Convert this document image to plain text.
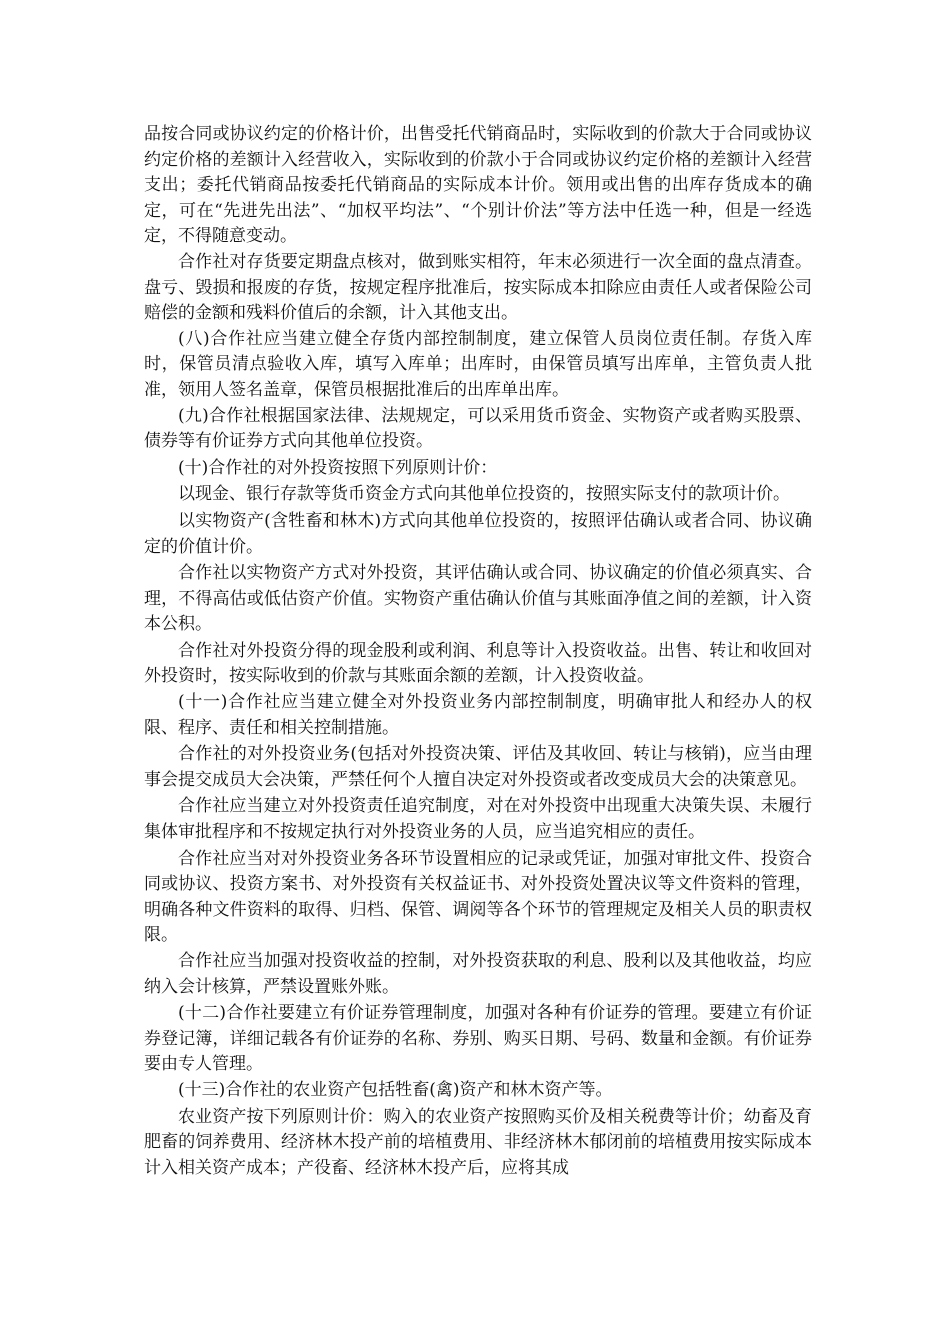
品按合同或协议约定的价格计价，出售受托代销商品时，实际收到的价款大于合同或协议约定价格的差额计入经营收入，实际收到的价款小于合同或协议约定价格的差额计入经营支出；委托代销商品按委托代销商品的实际成本计价。领用或出售的出库存货成本的确定，可在“先进先出法”、“加权平均法”、“个别计价法”等方法中任选一种，但是一经选定，不得随意变动。

合作社对存货要定期盘点核对，做到账实相符，年末必须进行一次全面的盘点清查。盘亏、毁损和报废的存货，按规定程序批准后，按实际成本扣除应由责任人或者保险公司赔偿的金额和残料价值后的余额，计入其他支出。

(八)合作社应当建立健全存货内部控制制度，建立保管人员岗位责任制。存货入库时，保管员清点验收入库，填写入库单；出库时，由保管员填写出库单，主管负责人批准，领用人签名盖章，保管员根据批准后的出库单出库。

(九)合作社根据国家法律、法规规定，可以采用货币资金、实物资产或者购买股票、债券等有价证券方式向其他单位投资。

(十)合作社的对外投资按照下列原则计价：

以现金、银行存款等货币资金方式向其他单位投资的，按照实际支付的款项计价。

以实物资产(含牲畜和林木)方式向其他单位投资的，按照评估确认或者合同、协议确定的价值计价。

合作社以实物资产方式对外投资，其评估确认或合同、协议确定的价值必须真实、合理，不得高估或低估资产价值。实物资产重估确认价值与其账面净值之间的差额，计入资本公积。

合作社对外投资分得的现金股利或利润、利息等计入投资收益。出售、转让和收回对外投资时，按实际收到的价款与其账面余额的差额，计入投资收益。

(十一)合作社应当建立健全对外投资业务内部控制制度，明确审批人和经办人的权限、程序、责任和相关控制措施。

合作社的对外投资业务(包括对外投资决策、评估及其收回、转让与核销)，应当由理事会提交成员大会决策，严禁任何个人擅自决定对外投资或者改变成员大会的决策意见。

合作社应当建立对外投资责任追究制度，对在对外投资中出现重大决策失误、未履行集体审批程序和不按规定执行对外投资业务的人员，应当追究相应的责任。

合作社应当对对外投资业务各环节设置相应的记录或凭证，加强对审批文件、投资合同或协议、投资方案书、对外投资有关权益证书、对外投资处置决议等文件资料的管理，明确各种文件资料的取得、归档、保管、调阅等各个环节的管理规定及相关人员的职责权限。

合作社应当加强对投资收益的控制，对外投资获取的利息、股利以及其他收益，均应纳入会计核算，严禁设置账外账。

(十二)合作社要建立有价证券管理制度，加强对各种有价证券的管理。要建立有价证券登记簿，详细记载各有价证券的名称、券别、购买日期、号码、数量和金额。有价证券要由专人管理。

(十三)合作社的农业资产包括牲畜(禽)资产和林木资产等。

农业资产按下列原则计价：购入的农业资产按照购买价及相关税费等计价；幼畜及育肥畜的饲养费用、经济林木投产前的培植费用、非经济林木郁闭前的培植费用按实际成本计入相关资产成本；产役畜、经济林木投产后，应将其成
